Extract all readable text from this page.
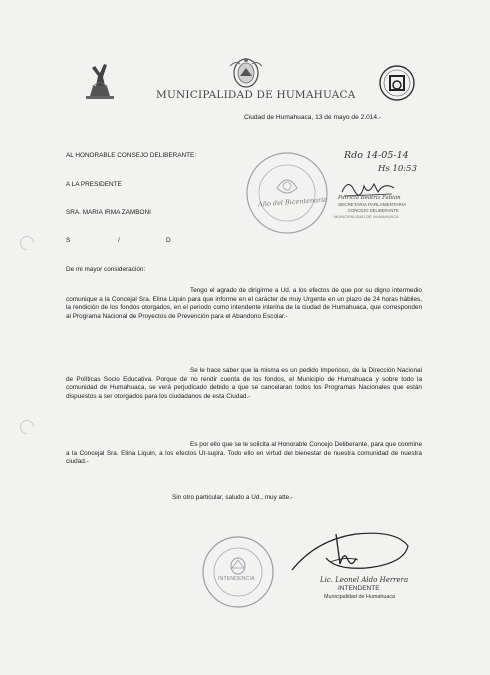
MUNICIPALIDAD DE HUMAHUACA
Ciudad de Humahuaca, 13 de mayo de 2.014.-
AL HONORABLE CONSEJO DELIBERANTE:
A LA PRESIDENTE
SRA. MARIA IRMA ZAMBONI
S	/	D
Año del Bicentenario
Rdo 14-05-14
Hs 10:53
Patricia Beatriz Fabian
SECRETARIA PARLAMENTARIA
CONCEJO DELIBERANTE
MUNICIPALIDAD DE HUMAHUACA
De mi mayor consideración:
Tengo el agrado de dirigirme a Ud. a los efectos de que por su digno intermedio comunique a la Concejal Sra. Elina Liquin para que informe en el carácter de muy Urgente en un plazo de 24 horas hábiles, la rendición de los fondos otorgados, en el periodo como intendente interina de la ciudad de Humahuaca, que corresponden al Programa Nacional de Proyectos de Prevención para el Abandono Escolar.-
Se le hace saber que la misma es un pedido Imperioso, de la Dirección Nacional de Políticas Socio Educativa. Porque de no rendir cuenta de los fondos, el Municipio de Humahuaca y sobre todo la comunidad de Humahuaca, se verá perjudicado debido a que se cancelaran todos los Programas Nacionales que están dispuestos a ser otorgados para los ciudadanos de esta Ciudad.-
Es por ello que se le solicita al Honorable Concejo Deliberante, para que conmine a la Concejal Sra. Elina Liquin, a los efectos Ut-supra. Todo ello en virtud del bienestar de nuestra comunidad de nuestra ciudad.-
Sin otro particular, saludo a Ud., muy atte.-
INTENDENCIA	Lic. Leonel Aldo Herrera
INTENDENTE
Municipalidad de Humahuaca
